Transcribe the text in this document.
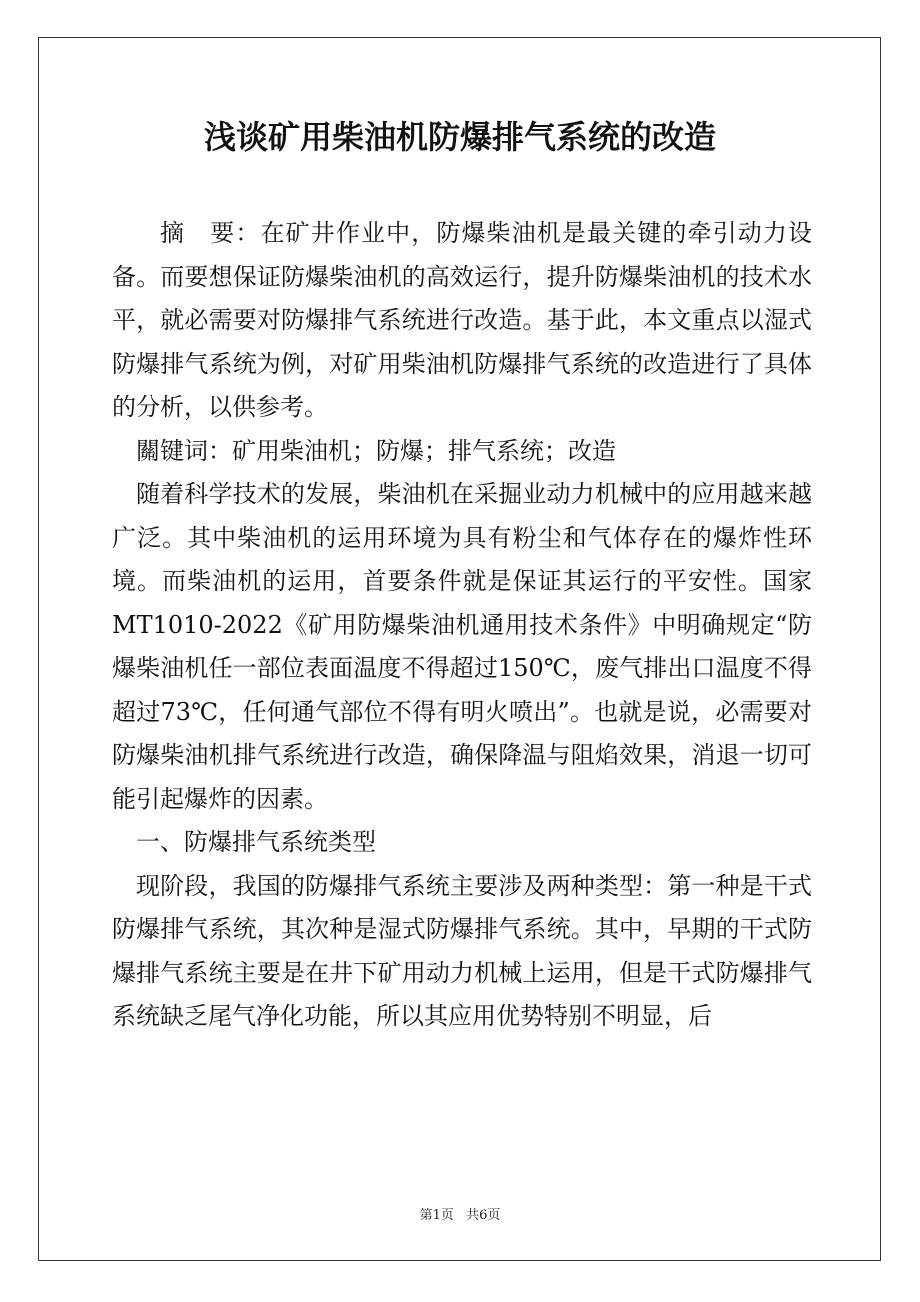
浅谈矿用柴油机防爆排气系统的改造

摘　要：在矿井作业中，防爆柴油机是最关键的牵引动力设备。而要想保证防爆柴油机的高效运行，提升防爆柴油机的技术水平，就必需要对防爆排气系统进行改造。基于此，本文重点以湿式防爆排气系统为例，对矿用柴油机防爆排气系统的改造进行了具体的分析，以供参考。

關键词：矿用柴油机；防爆；排气系统；改造

随着科学技术的发展，柴油机在采掘业动力机械中的应用越来越广泛。其中柴油机的运用环境为具有粉尘和气体存在的爆炸性环境。而柴油机的运用，首要条件就是保证其运行的平安性。国家MT1010-2022《矿用防爆柴油机通用技术条件》中明确规定“防爆柴油机任一部位表面温度不得超过150℃，废气排出口温度不得超过73℃，任何通气部位不得有明火喷出”。也就是说，必需要对防爆柴油机排气系统进行改造，确保降温与阻焰效果，消退一切可能引起爆炸的因素。

一、防爆排气系统类型

现阶段，我国的防爆排气系统主要涉及两种类型：第一种是干式防爆排气系统，其次种是湿式防爆排气系统。其中，早期的干式防爆排气系统主要是在井下矿用动力机械上运用，但是干式防爆排气系统缺乏尾气净化功能，所以其应用优势特别不明显，后

第1页 共6页
